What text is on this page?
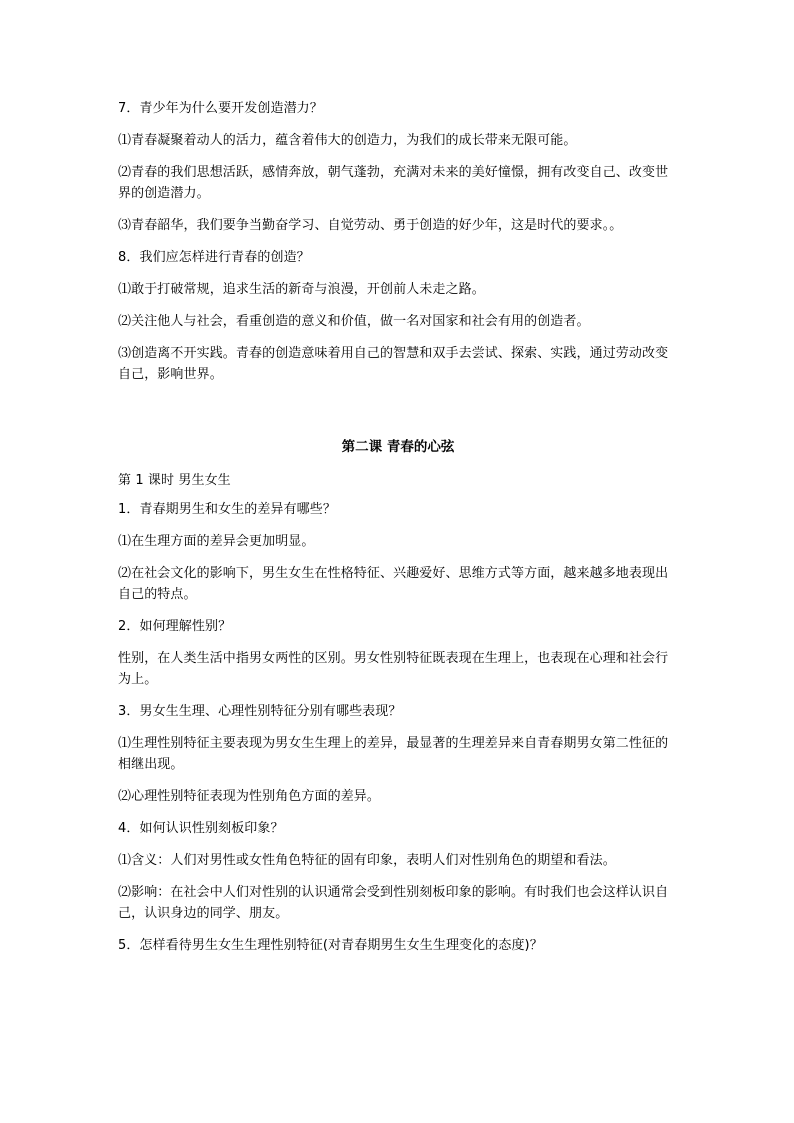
7．青少年为什么要开发创造潜力？

⑴青春凝聚着动人的活力，蕴含着伟大的创造力，为我们的成长带来无限可能。

⑵青春的我们思想活跃，感情奔放，朝气蓬勃，充满对未来的美好憧憬，拥有改变自己、改变世界的创造潜力。

⑶青春韶华，我们要争当勤奋学习、自觉劳动、勇于创造的好少年，这是时代的要求。。

8．我们应怎样进行青春的创造？

⑴敢于打破常规，追求生活的新奇与浪漫，开创前人未走之路。

⑵关注他人与社会，看重创造的意义和价值，做一名对国家和社会有用的创造者。

⑶创造离不开实践。青春的创造意味着用自己的智慧和双手去尝试、探索、实践，通过劳动改变自己，影响世界。

第二课 青春的心弦

第 1 课时 男生女生

1．青春期男生和女生的差异有哪些？

⑴在生理方面的差异会更加明显。

⑵在社会文化的影响下，男生女生在性格特征、兴趣爱好、思维方式等方面，越来越多地表现出自己的特点。

2．如何理解性别？

性别，在人类生活中指男女两性的区别。男女性别特征既表现在生理上，也表现在心理和社会行为上。

3．男女生生理、心理性别特征分别有哪些表现？

⑴生理性别特征主要表现为男女生生理上的差异，最显著的生理差异来自青春期男女第二性征的相继出现。

⑵心理性别特征表现为性别角色方面的差异。

4．如何认识性别刻板印象？

⑴含义：人们对男性或女性角色特征的固有印象，表明人们对性别角色的期望和看法。

⑵影响：在社会中人们对性别的认识通常会受到性别刻板印象的影响。有时我们也会这样认识自己，认识身边的同学、朋友。

5．怎样看待男生女生生理性别特征(对青春期男生女生生理变化的态度)？
